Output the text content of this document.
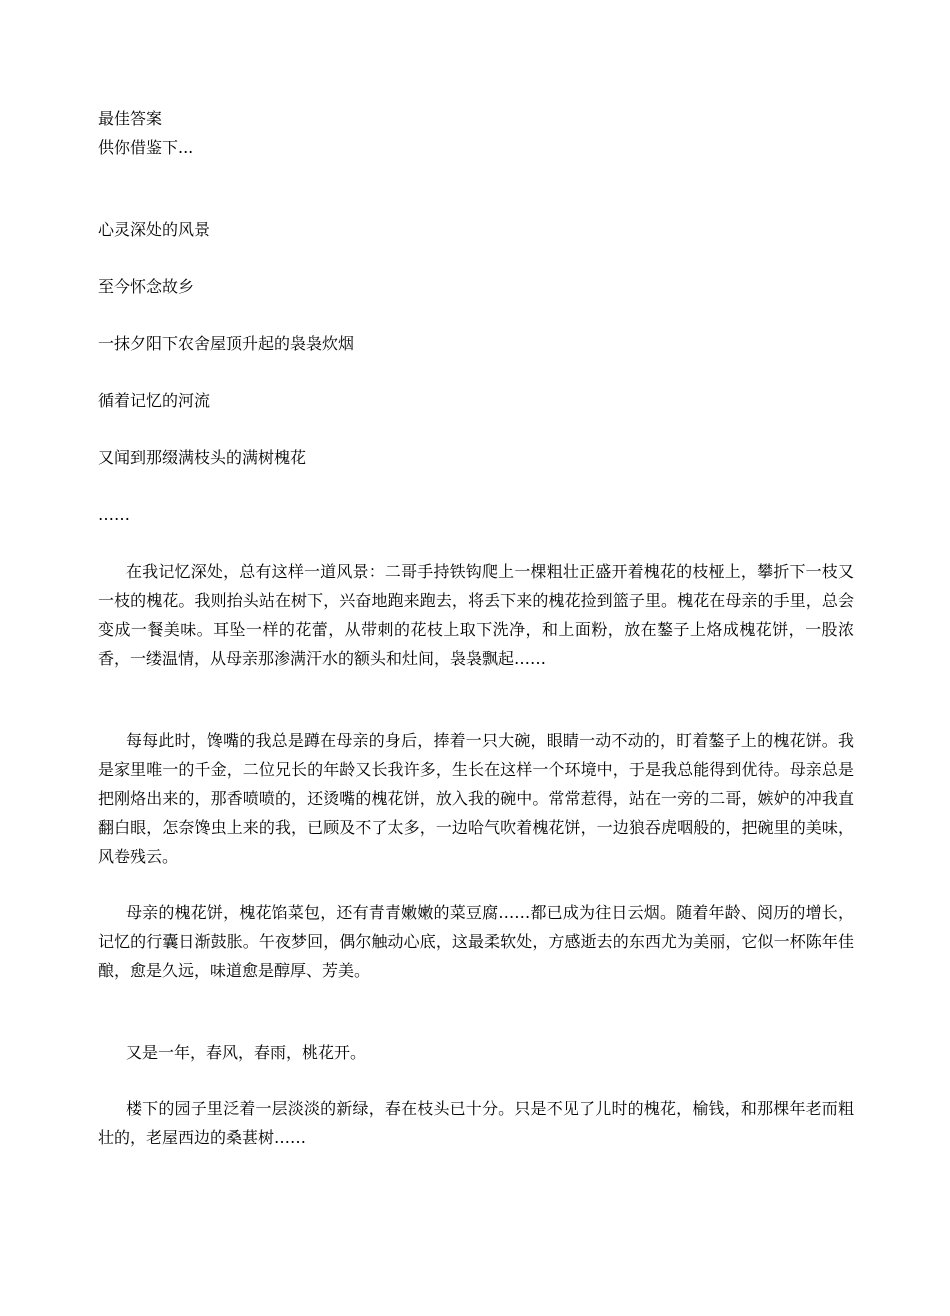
最佳答案

供你借鉴下...

心灵深处的风景

至今怀念故乡

一抹夕阳下农舍屋顶升起的袅袅炊烟

循着记忆的河流

又闻到那缀满枝头的满树槐花

……

在我记忆深处，总有这样一道风景：二哥手持铁钩爬上一棵粗壮正盛开着槐花的枝桠上，攀折下一枝又一枝的槐花。我则抬头站在树下，兴奋地跑来跑去，将丢下来的槐花捡到篮子里。槐花在母亲的手里，总会变成一餐美味。耳坠一样的花蕾，从带刺的花枝上取下洗净，和上面粉，放在鏊子上烙成槐花饼，一股浓香，一缕温情，从母亲那渗满汗水的额头和灶间，袅袅飘起……

每每此时，馋嘴的我总是蹲在母亲的身后，捧着一只大碗，眼睛一动不动的，盯着鏊子上的槐花饼。我是家里唯一的千金，二位兄长的年龄又长我许多，生长在这样一个环境中，于是我总能得到优待。母亲总是把刚烙出来的，那香喷喷的，还烫嘴的槐花饼，放入我的碗中。常常惹得，站在一旁的二哥，嫉妒的冲我直翻白眼，怎奈馋虫上来的我，已顾及不了太多，一边哈气吹着槐花饼，一边狼吞虎咽般的，把碗里的美味，风卷残云。

母亲的槐花饼，槐花馅菜包，还有青青嫩嫩的菜豆腐……都已成为往日云烟。随着年龄、阅历的增长，记忆的行囊日渐鼓胀。午夜梦回，偶尔触动心底，这最柔软处，方感逝去的东西尤为美丽，它似一杯陈年佳酿，愈是久远，味道愈是醇厚、芳美。

又是一年，春风，春雨，桃花开。

楼下的园子里泛着一层淡淡的新绿，春在枝头已十分。只是不见了儿时的槐花，榆钱，和那棵年老而粗壮的，老屋西边的桑葚树……
